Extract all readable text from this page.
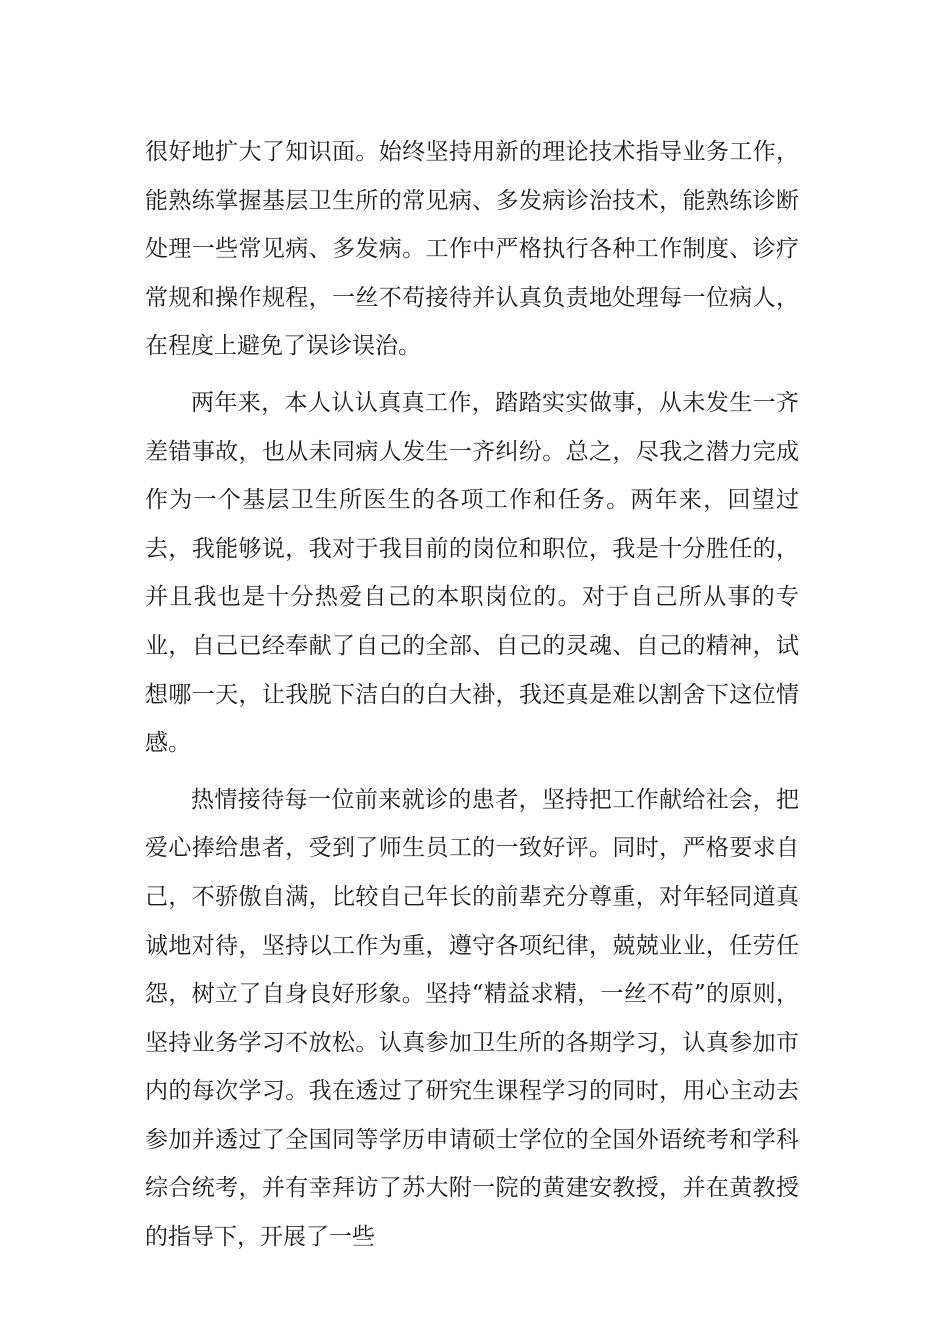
很好地扩大了知识面。始终坚持用新的理论技术指导业务工作，能熟练掌握基层卫生所的常见病、多发病诊治技术，能熟练诊断处理一些常见病、多发病。工作中严格执行各种工作制度、诊疗常规和操作规程，一丝不苟接待并认真负责地处理每一位病人，在程度上避免了误诊误治。

两年来，本人认认真真工作，踏踏实实做事，从未发生一齐差错事故，也从未同病人发生一齐纠纷。总之，尽我之潜力完成作为一个基层卫生所医生的各项工作和任务。两年来，回望过去，我能够说，我对于我目前的岗位和职位，我是十分胜任的，并且我也是十分热爱自己的本职岗位的。对于自己所从事的专业，自己已经奉献了自己的全部、自己的灵魂、自己的精神，试想哪一天，让我脱下洁白的白大褂，我还真是难以割舍下这位情感。

热情接待每一位前来就诊的患者，坚持把工作献给社会，把爱心捧给患者，受到了师生员工的一致好评。同时，严格要求自己，不骄傲自满，比较自己年长的前辈充分尊重，对年轻同道真诚地对待，坚持以工作为重，遵守各项纪律，兢兢业业，任劳任怨，树立了自身良好形象。坚持“精益求精，一丝不苟”的原则，坚持业务学习不放松。认真参加卫生所的各期学习，认真参加市内的每次学习。我在透过了研究生课程学习的同时，用心主动去参加并透过了全国同等学历申请硕士学位的全国外语统考和学科综合统考，并有幸拜访了苏大附一院的黄建安教授，并在黄教授的指导下，开展了一些
